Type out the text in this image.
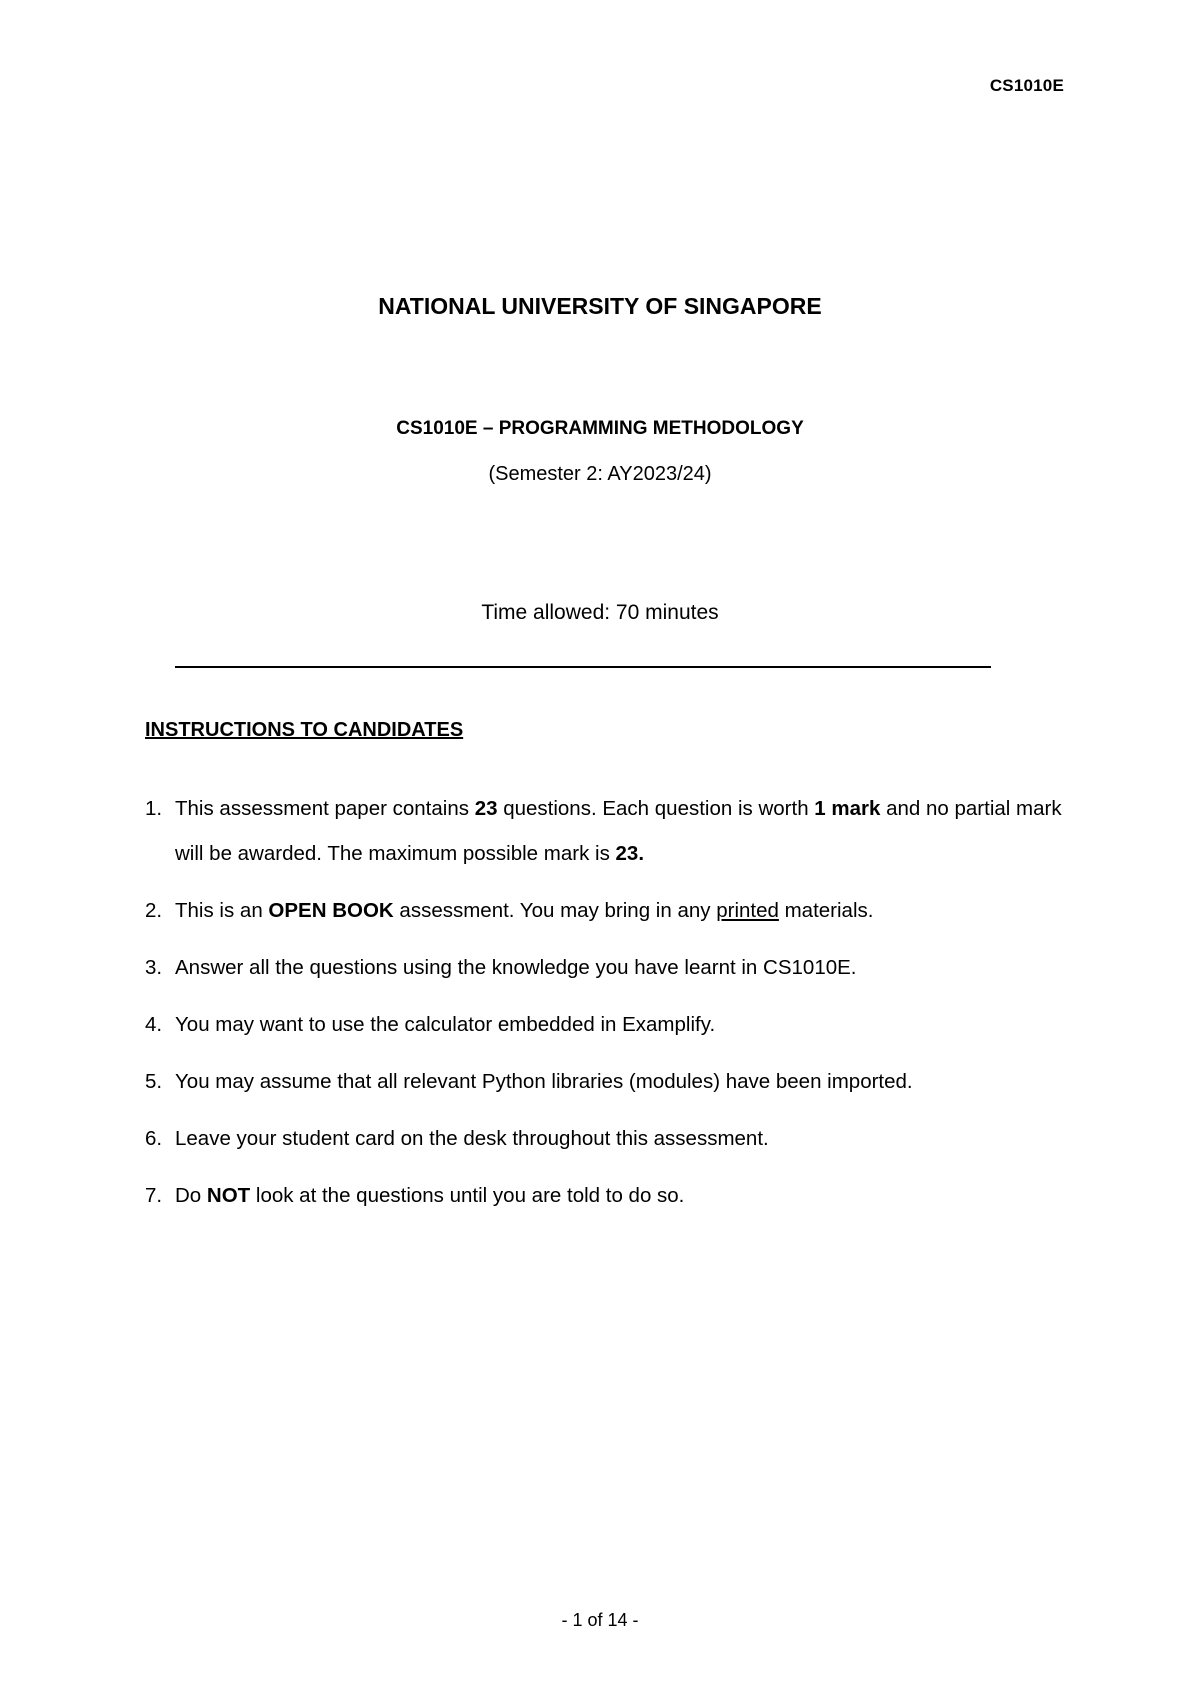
CS1010E
NATIONAL UNIVERSITY OF SINGAPORE
CS1010E – PROGRAMMING METHODOLOGY
(Semester 2: AY2023/24)
Time allowed: 70 minutes
INSTRUCTIONS TO CANDIDATES
1. This assessment paper contains 23 questions. Each question is worth 1 mark and no partial mark will be awarded. The maximum possible mark is 23.
2. This is an OPEN BOOK assessment. You may bring in any printed materials.
3. Answer all the questions using the knowledge you have learnt in CS1010E.
4. You may want to use the calculator embedded in Examplify.
5. You may assume that all relevant Python libraries (modules) have been imported.
6. Leave your student card on the desk throughout this assessment.
7. Do NOT look at the questions until you are told to do so.
- 1 of 14 -
